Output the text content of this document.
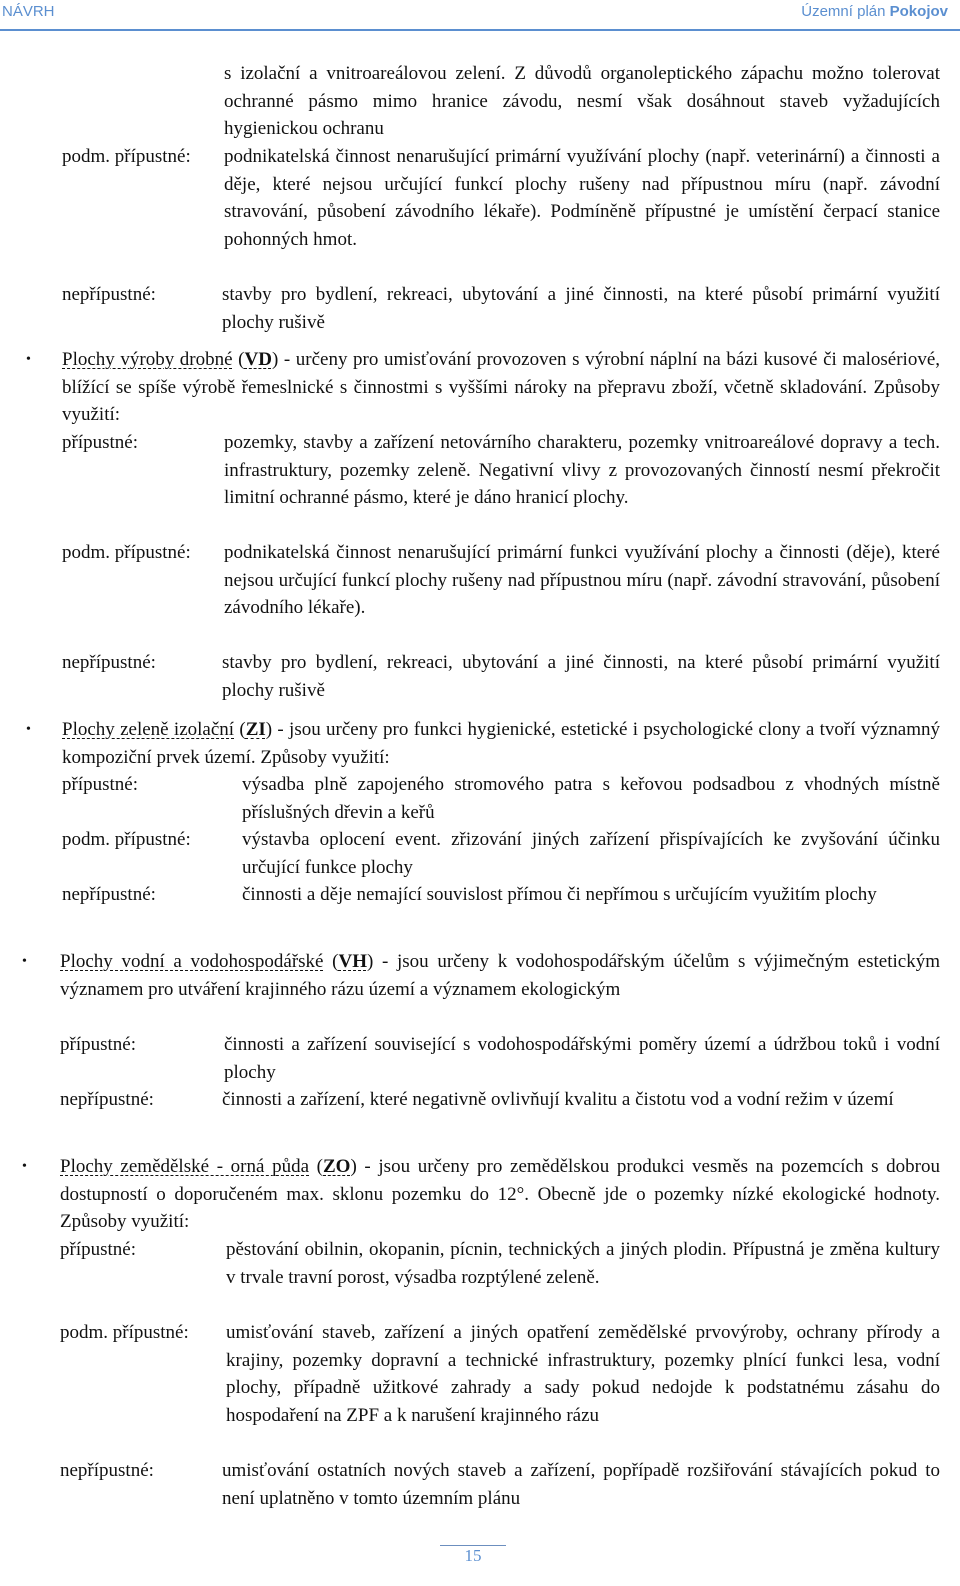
NÁVRH	Územní plán Pokojov
s izolační a vnitroareálovou zelení. Z důvodů organoleptického zápachu možno tolerovat ochranné pásmo mimo hranice závodu, nesmí však dosáhnout staveb vyžadujících hygienickou ochranu
podm. přípustné: podnikatelská činnost nenarušující primární využívání plochy (např. veterinární) a činnosti a děje, které nejsou určující funkcí plochy rušeny nad přípustnou míru (např. závodní stravování, působení závodního lékaře). Podmíněně přípustné je umístění čerpací stanice pohonných hmot.
nepřípustné:	stavby pro bydlení, rekreaci, ubytování a jiné činnosti, na které působí primární využití plochy rušivě
• Plochy výroby drobné (VD) - určeny pro umisťování provozoven s výrobní náplní na bázi kusové či malosériové, blížící se spíše výrobě řemeslnické s činnostmi s vyššími nároky na přepravu zboží, včetně skladování. Způsoby využití:
přípustné:	pozemky, stavby a zařízení netovárního charakteru, pozemky vnitroareálové dopravy a tech. infrastruktury, pozemky zeleně. Negativní vlivy z provozovaných činností nesmí překročit limitní ochranné pásmo, které je dáno hranicí plochy.
podm. přípustné: podnikatelská činnost nenarušující primární funkci využívání plochy a činnosti (děje), které nejsou určující funkcí plochy rušeny nad přípustnou míru (např. závodní stravování, působení závodního lékaře).
nepřípustné:	stavby pro bydlení, rekreaci, ubytování a jiné činnosti, na které působí primární využití plochy rušivě
• Plochy zeleně izolační (ZI) - jsou určeny pro funkci hygienické, estetické i psychologické clony a tvoří významný kompoziční prvek území. Způsoby využití:
přípustné:	výsadba plně zapojeného stromového patra s keřovou podsadbou z vhodných místně příslušných dřevin a keřů
podm. přípustné:	výstavba oplocení event. zřizování jiných zařízení přispívajících ke zvyšování účinku určující funkce plochy
nepřípustné:	činnosti a děje nemající souvislost přímou či nepřímou s určujícím využitím plochy
• Plochy vodní a vodohospodářské (VH) - jsou určeny k vodohospodářským účelům s výjimečným estetickým významem pro utváření krajinného rázu území a významem ekologickým
přípustné:	činnosti a zařízení související s vodohospodářskými poměry území a údržbou toků i vodní plochy
nepřípustné:	činnosti a zařízení, které negativně ovlivňují kvalitu a čistotu vod a vodní režim v území
• Plochy zemědělské - orná půda (ZO) - jsou určeny pro zemědělskou produkci vesměs na pozemcích s dobrou dostupností o doporučeném max. sklonu pozemku do 12°. Obecně jde o pozemky nízké ekologické hodnoty. Způsoby využití:
přípustné:	pěstování obilnin, okopanin, pícnin, technických a jiných plodin. Přípustná je změna kultury v trvale travní porost, výsadba rozptýlené zeleně.
podm. přípustné: umisťování staveb, zařízení a jiných opatření zemědělské prvovýroby, ochrany přírody a krajiny, pozemky dopravní a technické infrastruktury, pozemky plnící funkci lesa, vodní plochy, případně užitkové zahrady a sady pokud nedojde k podstatnému zásahu do hospodaření na ZPF a k narušení krajinného rázu
nepřípustné:	umisťování ostatních nových staveb a zařízení, popřípadě rozšiřování stávajících pokud to není uplatněno v tomto územním plánu
15
